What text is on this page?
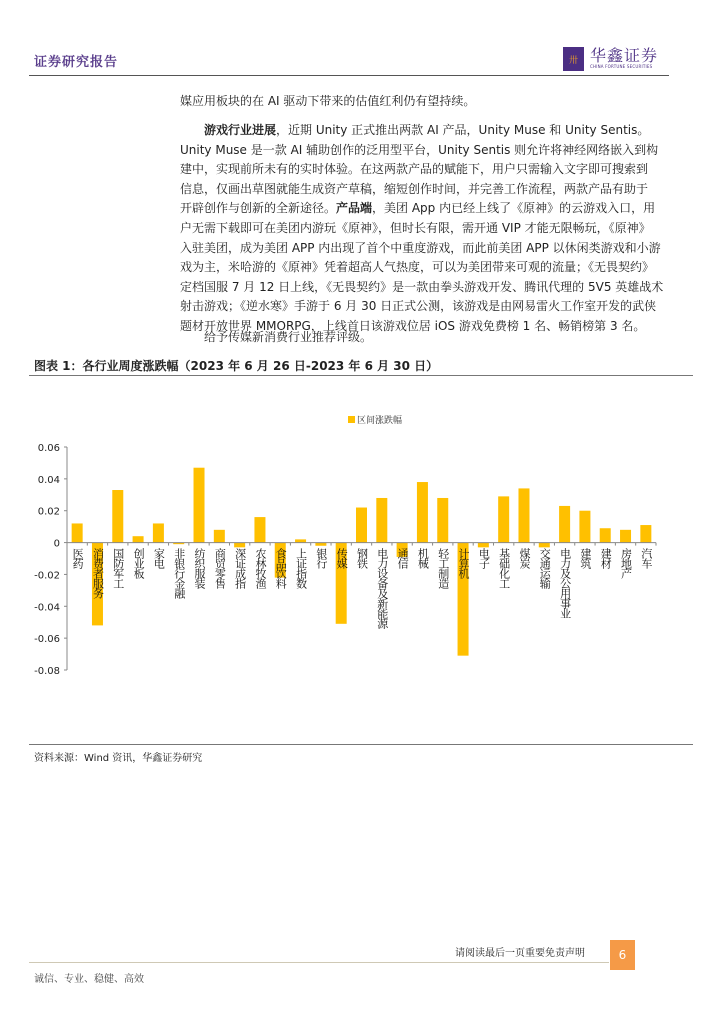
证券研究报告	卅 华鑫证券
CHINA FORTUNE SECURITIES
媒应用板块的在 AI 驱动下带来的估值红利仍有望持续。
游戏行业进展，近期 Unity 正式推出两款 AI 产品，Unity Muse 和 Unity Sentis。
Unity Muse 是一款 AI 辅助创作的泛用型平台，Unity Sentis 则允许将神经网络嵌入到构
建中，实现前所未有的实时体验。在这两款产品的赋能下，用户只需输入文字即可搜索到
信息，仅画出草图就能生成资产草稿，缩短创作时间，并完善工作流程，两款产品有助于
开辟创作与创新的全新途径。产品端，美团 App 内已经上线了《原神》的云游戏入口，用
户无需下载即可在美团内游玩《原神》，但时长有限，需开通 VIP 才能无限畅玩，《原神》
入驻美团，成为美团 APP 内出现了首个中重度游戏，而此前美团 APP 以休闲类游戏和小游
戏为主，米哈游的《原神》凭着超高人气热度，可以为美团带来可观的流量；《无畏契约》
定档国服 7 月 12 日上线，《无畏契约》是一款由拳头游戏开发、腾讯代理的 5V5 英雄战术
射击游戏；《逆水寒》手游于 6 月 30 日正式公测，该游戏是由网易雷火工作室开发的武侠
题材开放世界 MMORPG，上线首日该游戏位居 iOS 游戏免费榜 1 名、畅销榜第 3 名。
给予传媒新消费行业推荐评级。
图表 1：各行业周度涨跌幅（2023 年 6 月 26 日-2023 年 6 月 30 日）
区间涨跌幅
0.06
0.04
0.02
0
-0.02
-0.04
-0.06
-0.08
医药 消费者服务 国防军工 创业板 家电 非银行金融 纺织服装 商贸零售 深证成指 农林牧渔 食品饮料 上证指数 银行 传媒 钢铁 电力设备及新能源 通信 机械 轻工制造 计算机 电子 基础化工 煤炭 交通运输 电力及公用事业 建筑 建材 房地产 汽车
资料来源：Wind 资讯，华鑫证券研究
请阅读最后一页重要免责声明	6
诚信、专业、稳健、高效
